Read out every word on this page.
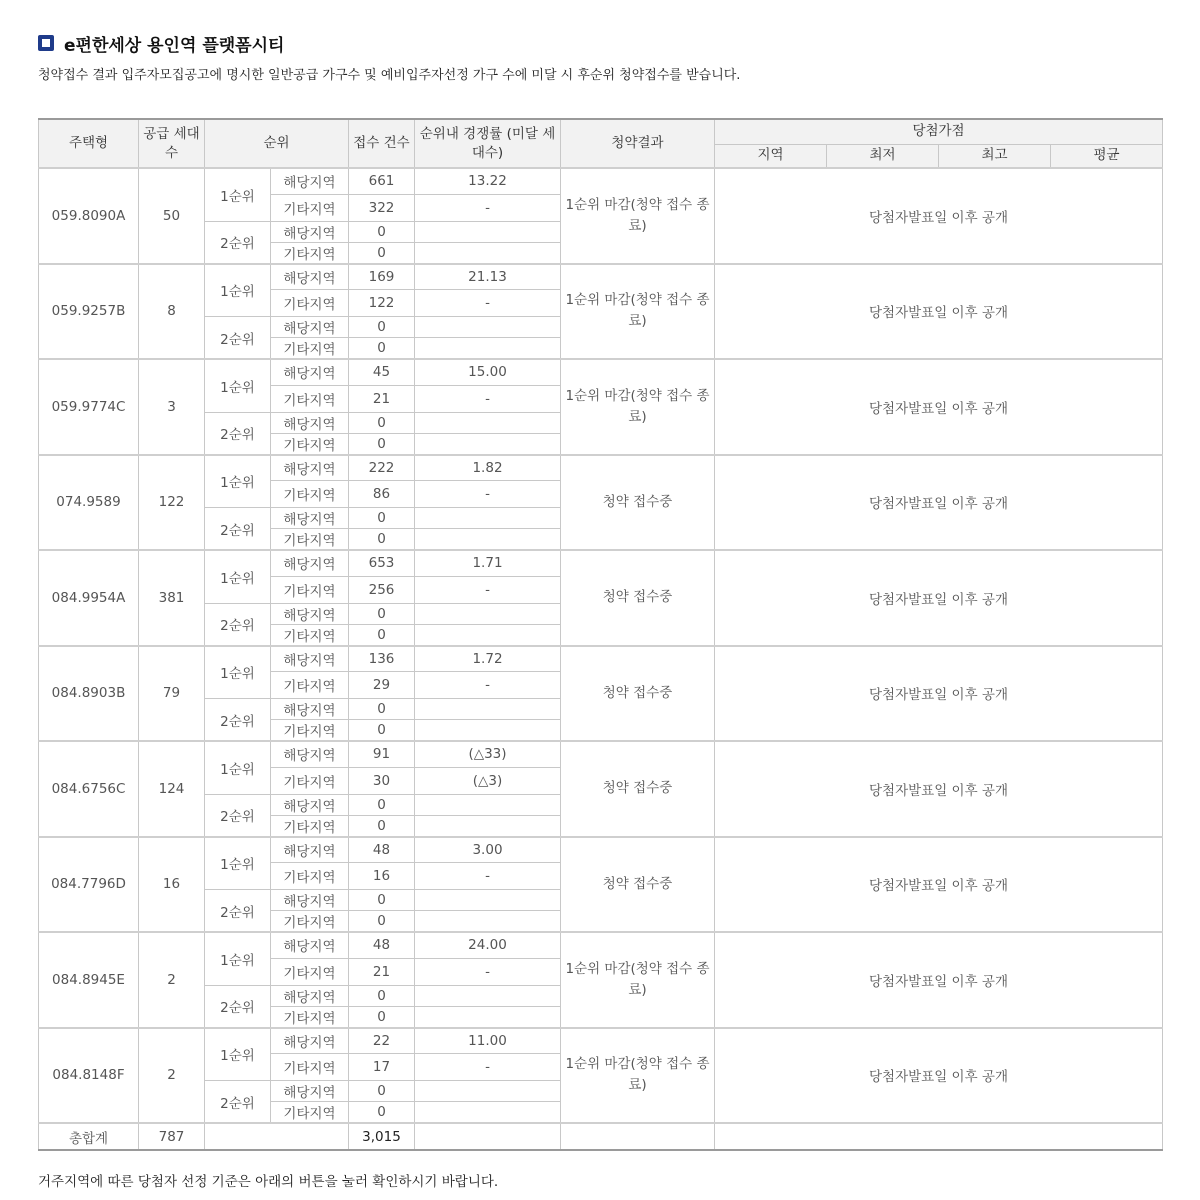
e편한세상 용인역 플랫폼시티
청약접수 결과 입주자모집공고에 명시한 일반공급 가구수 및 예비입주자선정 가구 수에 미달 시 후순위 청약접수를 받습니다.
주택형	공급 세대수	순위		접수 건수	순위내 경쟁률 (미달 세대수)	청약결과	당첨가점			
							지역	최저	최고	평균
059.8090A	50	1순위	해당지역	661	13.22	1순위 마감(청약 접수 종료)	당첨자발표일 이후 공개			
			기타지역	322	-					
		2순위	해당지역	0						
			기타지역	0						
059.9257B	8	1순위	해당지역	169	21.13	1순위 마감(청약 접수 종료)	당첨자발표일 이후 공개			
			기타지역	122	-					
		2순위	해당지역	0						
			기타지역	0						
059.9774C	3	1순위	해당지역	45	15.00	1순위 마감(청약 접수 종료)	당첨자발표일 이후 공개			
			기타지역	21	-					
		2순위	해당지역	0						
			기타지역	0						
074.9589	122	1순위	해당지역	222	1.82	청약 접수중	당첨자발표일 이후 공개			
			기타지역	86	-					
		2순위	해당지역	0						
			기타지역	0						
084.9954A	381	1순위	해당지역	653	1.71	청약 접수중	당첨자발표일 이후 공개			
			기타지역	256	-					
		2순위	해당지역	0						
			기타지역	0						
084.8903B	79	1순위	해당지역	136	1.72	청약 접수중	당첨자발표일 이후 공개			
			기타지역	29	-					
		2순위	해당지역	0						
			기타지역	0						
084.6756C	124	1순위	해당지역	91	(△33)	청약 접수중	당첨자발표일 이후 공개			
			기타지역	30	(△3)					
		2순위	해당지역	0						
			기타지역	0						
084.7796D	16	1순위	해당지역	48	3.00	청약 접수중	당첨자발표일 이후 공개			
			기타지역	16	-					
		2순위	해당지역	0						
			기타지역	0						
084.8945E	2	1순위	해당지역	48	24.00	1순위 마감(청약 접수 종료)	당첨자발표일 이후 공개			
			기타지역	21	-					
		2순위	해당지역	0						
			기타지역	0						
084.8148F	2	1순위	해당지역	22	11.00	1순위 마감(청약 접수 종료)	당첨자발표일 이후 공개			
			기타지역	17	-					
		2순위	해당지역	0						
			기타지역	0						
총합계	787			3,015						
거주지역에 따른 당첨자 선정 기준은 아래의 버튼을 눌러 확인하시기 바랍니다.
